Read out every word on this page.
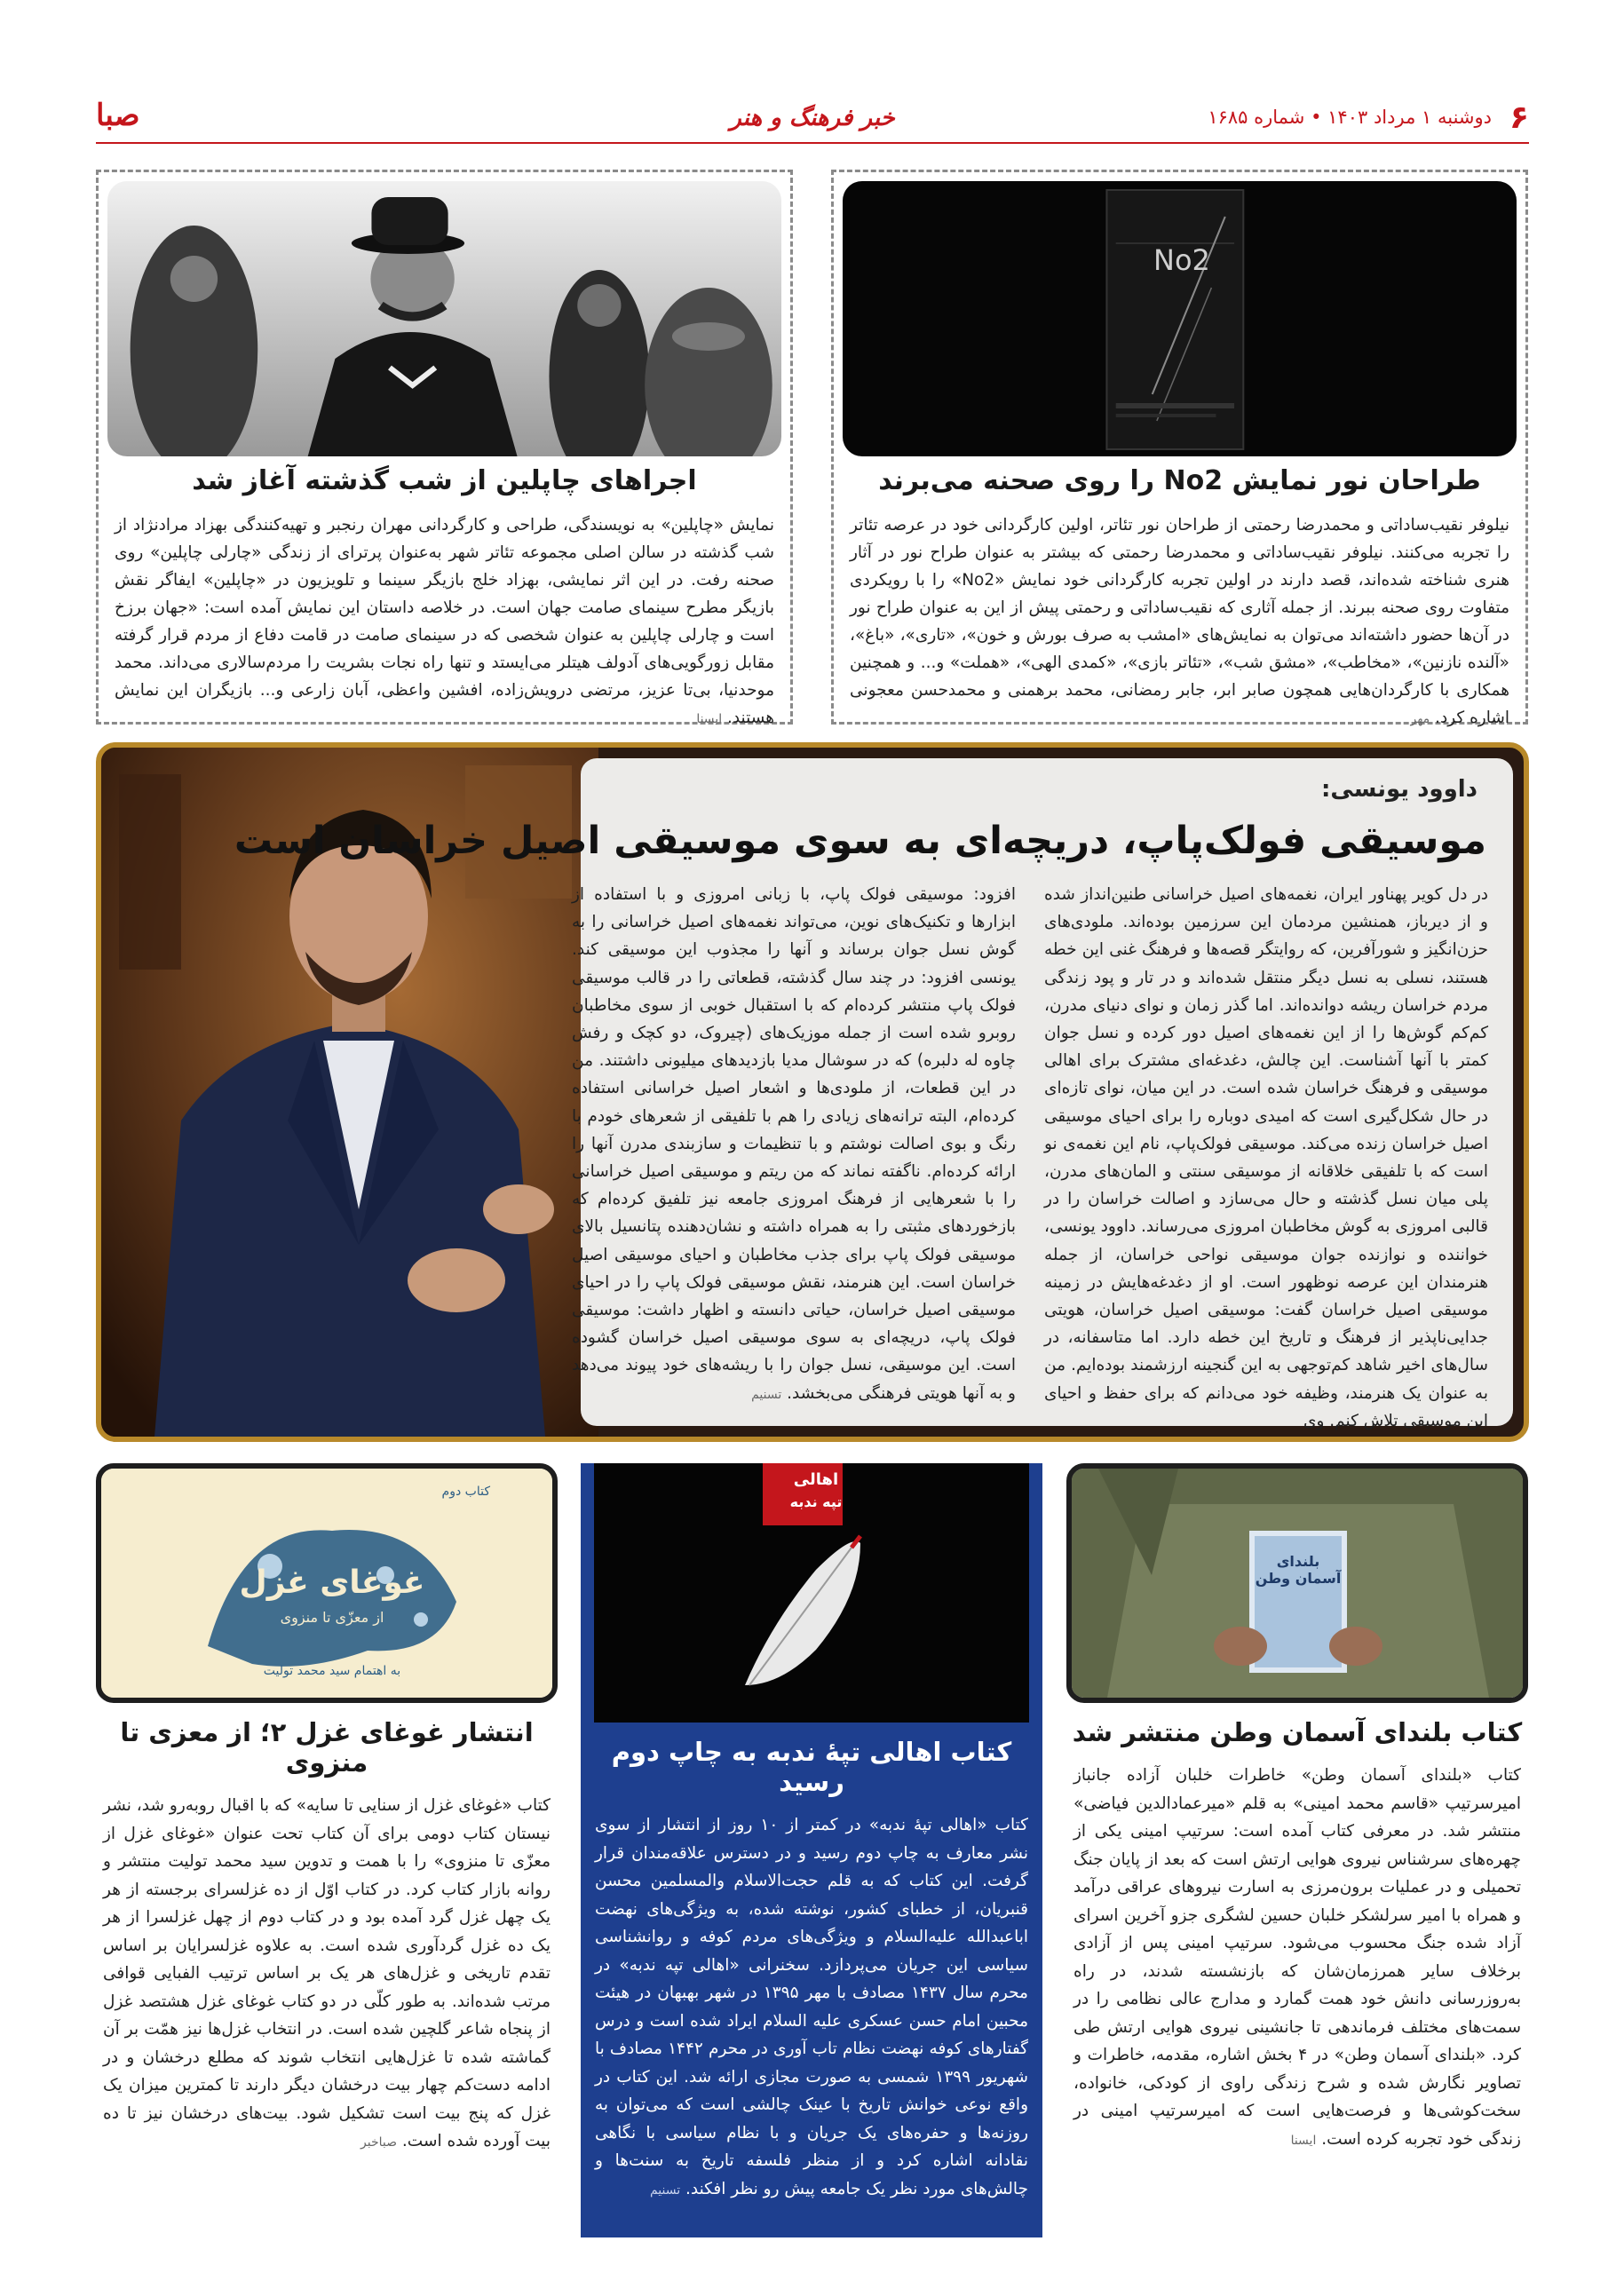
۶
دوشنبه ۱ مرداد ۱۴۰۳ • شماره ۱۶۸۵
خبر فرهنگ و هنر
صبا
No2
طراحان نور نمایش No2 را روی صحنه می‌برند
نیلوفر نقیب‌ساداتی و محمدرضا رحمتی از طراحان نور تئاتر، اولین کارگردانی خود در عرصه تئاتر را تجربه می‌کنند. نیلوفر نقیب‌ساداتی و محمدرضا رحمتی که بیشتر به عنوان طراح نور در آثار هنری شناخته شده‌اند، قصد دارند در اولین تجربه کارگردانی خود نمایش «No2» را با رویکردی متفاوت روی صحنه ببرند. از جمله آثاری که نقیب‌ساداتی و رحمتی پیش از این به عنوان طراح نور در آن‌ها حضور داشته‌اند می‌توان به نمایش‌های «امشب به صرف بورش و خون»، «تاری»، «باغ»، «آلنده نازنین»، «مخاطب»، «مشق شب»، «تئاتر بازی»، «کمدی الهی»، «هملت» و... و همچنین همکاری با کارگردان‌هایی همچون صابر ابر، جابر رمضانی، محمد برهمنی و محمدحسن معجونی اشاره کرد. مهر
اجراهای چاپلین از شب گذشته آغاز شد
نمایش «چاپلین» به نویسندگی، طراحی و کارگردانی مهران رنجبر و تهیه‌کنندگی بهزاد مرادنژاد از شب گذشته در سالن اصلی مجموعه تئاتر شهر به‌عنوان پرترای از زندگی «چارلی چاپلین» روی صحنه رفت. در این اثر نمایشی، بهزاد خلج بازیگر سینما و تلویزیون در «چاپلین» ایفاگر نقش بازیگر مطرح سینمای صامت جهان است. در خلاصه داستان این نمایش آمده است: «جهان برزخ است و چارلی چاپلین به عنوان شخصی که در سینمای صامت در قامت دفاع از مردم قرار گرفته مقابل زورگویی‌های آدولف هیتلر می‌ایستد و تنها راه نجات بشریت را مردم‌سالاری می‌داند. محمد موحدنیا، بی‌تا عزیز، مرتضی درویش‌زاده، افشین واعظی، آبان زارعی و... بازیگران این نمایش هستند. ایسنا
داوود یونسی:
موسیقی فولک‌پاپ، دریچه‌ای به سوی موسیقی اصیل خراسان است
در دل کویر پهناور ایران، نغمه‌های اصیل خراسانی طنین‌انداز شده و از دیرباز، همنشین مردمان این سرزمین بوده‌اند. ملودی‌های حزن‌انگیز و شورآفرین، که روایتگر قصه‌ها و فرهنگ غنی این خطه هستند، نسلی به نسل دیگر منتقل شده‌اند و در تار و پود زندگی مردم خراسان ریشه دوانده‌اند. اما گذر زمان و نوای دنیای مدرن، کم‌کم گوش‌ها را از این نغمه‌های اصیل دور کرده و نسل جوان کمتر با آنها آشناست. این چالش، دغدغه‌ای مشترک برای اهالی موسیقی و فرهنگ خراسان شده است. در این میان، نوای تازه‌ای در حال شکل‌گیری است که امیدی دوباره را برای احیای موسیقی اصیل خراسان زنده می‌کند. موسیقی فولک‌پاپ، نام این نغمه‌ی نو است که با تلفیقی خلاقانه از موسیقی سنتی و المان‌های مدرن، پلی میان نسل گذشته و حال می‌سازد و اصالت خراسان را در قالبی امروزی به گوش مخاطبان امروزی می‌رساند. داوود یونسی، خواننده و نوازنده جوان موسیقی نواحی خراسان، از جمله هنرمندان این عرصه نوظهور است. او از دغدغه‌هایش در زمینه موسیقی اصیل خراسان گفت: موسیقی اصیل خراسان، هویتی جدایی‌ناپذیر از فرهنگ و تاریخ این خطه دارد. اما متاسفانه، در سال‌های اخیر شاهد کم‌توجهی به این گنجینه ارزشمند بوده‌ایم. من به عنوان یک هنرمند، وظیفه خود می‌دانم که برای حفظ و احیای این موسیقی تلاش کنم. وی
افزود: موسیقی فولک پاپ، با زبانی امروزی و با استفاده از ابزارها و تکنیک‌های نوین، می‌تواند نغمه‌های اصیل خراسانی را به گوش نسل جوان برساند و آنها را مجذوب این موسیقی کند. یونسی افزود: در چند سال گذشته، قطعاتی را در قالب موسیقی فولک پاپ منتشر کرده‌ام که با استقبال خوبی از سوی مخاطبان روبرو شده است از جمله موزیک‌های (چیروک، دو کچک و رفش چاوه له دلبره) که در سوشال مدیا بازدیدهای میلیونی داشتند. من در این قطعات، از ملودی‌ها و اشعار اصیل خراسانی استفاده کرده‌ام، البته ترانه‌های زیادی را هم با تلفیقی از شعرهای خودم با رنگ و بوی اصالت نوشتم و با تنظیمات و سازبندی مدرن آنها را ارائه کرده‌ام. ناگفته نماند که من ریتم و موسیقی اصیل خراسانی را با شعرهایی از فرهنگ امروزی جامعه نیز تلفیق کرده‌ام که بازخوردهای مثبتی را به همراه داشته و نشان‌دهنده پتانسیل بالای موسیقی فولک پاپ برای جذب مخاطبان و احیای موسیقی اصیل خراسان است. این هنرمند، نقش موسیقی فولک پاپ را در احیای موسیقی اصیل خراسان، حیاتی دانسته و اظهار داشت: موسیقی فولک پاپ، دریچه‌ای به سوی موسیقی اصیل خراسان گشوده است. این موسیقی، نسل جوان را با ریشه‌های خود پیوند می‌دهد و به آنها هویتی فرهنگی می‌بخشد. تسنیم
بلندای آسمان وطن
کتاب بلندای آسمان وطن منتشر شد
کتاب «بلندای آسمان وطن» خاطرات خلبان آزاده جانباز امیرسرتیپ «قاسم محمد امینی» به قلم «میرعمادالدین فیاضی» منتشر شد. در معرفی کتاب آمده است: سرتیپ امینی یکی از چهره‌های سرشناس نیروی هوایی ارتش است که بعد از پایان جنگ تحمیلی و در عملیات برون‌مرزی به اسارت نیروهای عراقی درآمد و همراه با امیر سرلشکر خلبان حسین لشگری جزو آخرین اسرای آزاد شده جنگ محسوب می‌شود. سرتیپ امینی پس از آزادی برخلاف سایر همرزمان‌شان که بازنشسته شدند، در راه به‌روزرسانی دانش خود همت گمارد و مدارج عالی نظامی را در سمت‌های مختلف فرماندهی تا جانشینی نیروی هوایی ارتش طی کرد. «بلندای آسمان وطن» در ۴ بخش اشاره، مقدمه، خاطرات و تصاویر نگارش شده و شرح زندگی راوی از کودکی، خانواده، سخت‌کوشی‌ها و فرصت‌هایی است که امیرسرتیپ امینی در زندگی خود تجربه کرده است. ایسنا
اهالی
تپه ندبه
کتاب اهالی تپهٔ ندبه به چاپ دوم رسید
کتاب «اهالی تپهٔ ندبه» در کمتر از ۱۰ روز از انتشار از سوی نشر معارف به چاپ دوم رسید و در دسترس علاقه‌مندان قرار گرفت. این کتاب که به قلم حجت‌الاسلام والمسلمین محسن قنبریان، از خطبای کشور، نوشته شده، به ویژگی‌های نهضت اباعبدالله علیه‌السلام و ویژگی‌های مردم کوفه و روانشناسی سیاسی این جریان می‌پردازد. سخنرانی «اهالی تپه ندبه» در محرم سال ۱۴۳۷ مصادف با مهر ۱۳۹۵ در شهر بهبهان در هیئت محبین امام حسن عسکری علیه السلام ایراد شده است و درس گفتارهای کوفه نهضت نظام تاب آوری در محرم ۱۴۴۲ مصادف با شهریور ۱۳۹۹ شمسی به صورت مجازی ارائه شد. این کتاب در واقع نوعی خوانش تاریخ با عینک چالشی است که می‌توان به روزنه‌ها و حفره‌های یک جریان و با نظام سیاسی با نگاهی نقادانه اشاره کرد و از منظر فلسفه تاریخ به سنت‌ها و چالش‌های مورد نظر یک جامعه پیش رو نظر افکند. تسنیم
کتاب دوم
غوغای غزل
از معزّی تا منزوی
به اهتمام سید محمد تولیت
انتشار غوغای غزل ۲؛ از معزی تا منزوی
کتاب «غوغای غزل از سنایی تا سایه» که با اقبال روبه‌رو شد، نشر نیستان کتاب دومی برای آن کتاب تحت عنوان «غوغای غزل از معزّی تا منزوی» را با همت و تدوین سید محمد تولیت منتشر و روانه بازار کتاب کرد. در کتاب اوّل از ده غزلسرای برجسته از هر یک چهل غزل گرد آمده بود و در کتاب دوم از چهل غزلسرا از هر یک ده غزل گردآوری شده است. به علاوه غزلسرایان بر اساس تقدم تاریخی و غزل‌های هر یک بر اساس ترتیب الفبایی قوافی مرتب شده‌اند. به طور کلّی در دو کتاب غوغای غزل هشتصد غزل از پنجاه شاعر گلچین شده است. در انتخاب غزل‌ها نیز همّت بر آن گماشته شده تا غزل‌هایی انتخاب شوند که مطلع درخشان و در ادامه دست‌کم چهار بیت درخشان دیگر دارند تا کمترین میزان یک غزل که پنج بیت است تشکیل شود. بیت‌های درخشان نیز تا ده بیت آورده شده است. صباخبر
